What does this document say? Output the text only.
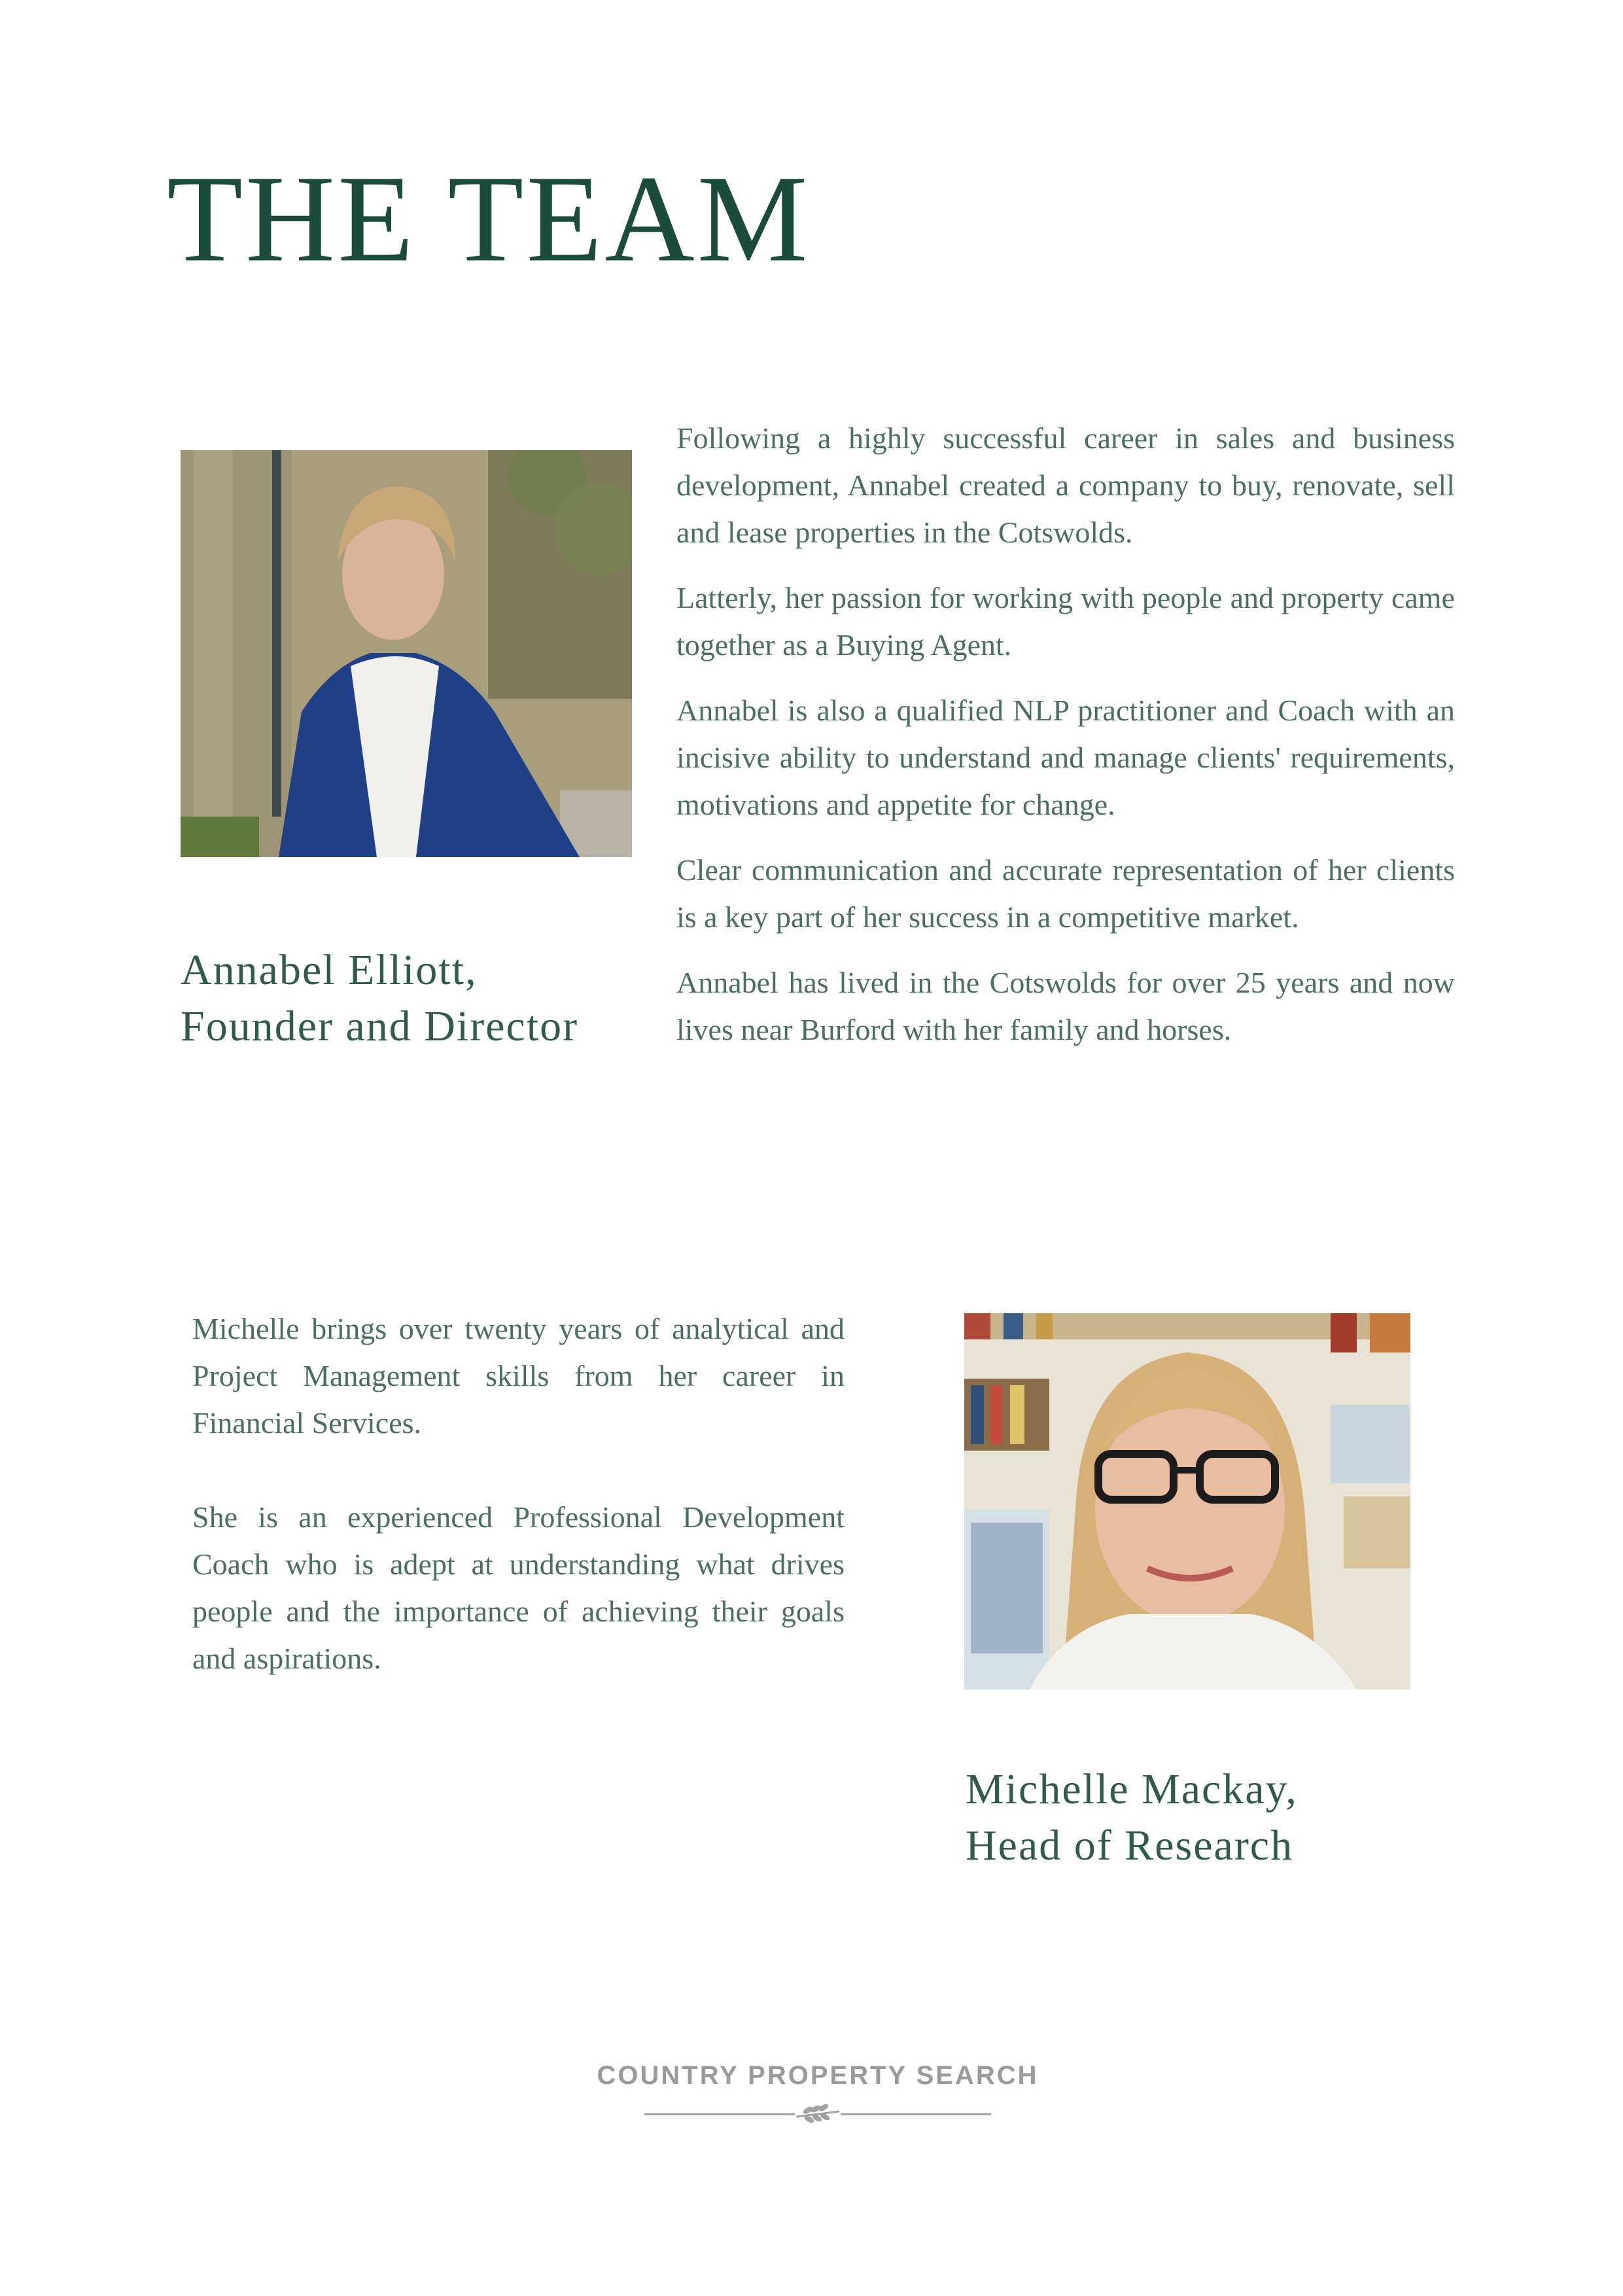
THE TEAM

Following a highly successful career in sales and business development, Annabel created a company to buy, renovate, sell and lease properties in the Cotswolds.

Latterly, her passion for working with people and property came together as a Buying Agent.

Annabel is also a qualified NLP practitioner and Coach with an incisive ability to understand and manage clients' requirements, motivations and appetite for change.

Clear communication and accurate representation of her clients is a key part of her success in a competitive market.

Annabel has lived in the Cotswolds for over 25 years and now lives near Burford with her family and horses.

Annabel Elliott,
Founder and Director

Michelle brings over twenty years of analytical and Project Management skills from her career in Financial Services.

She is an experienced Professional Development Coach who is adept at understanding what drives people and the importance of achieving their goals and aspirations.

Michelle Mackay,
Head of Research
COUNTRY PROPERTY SEARCH
